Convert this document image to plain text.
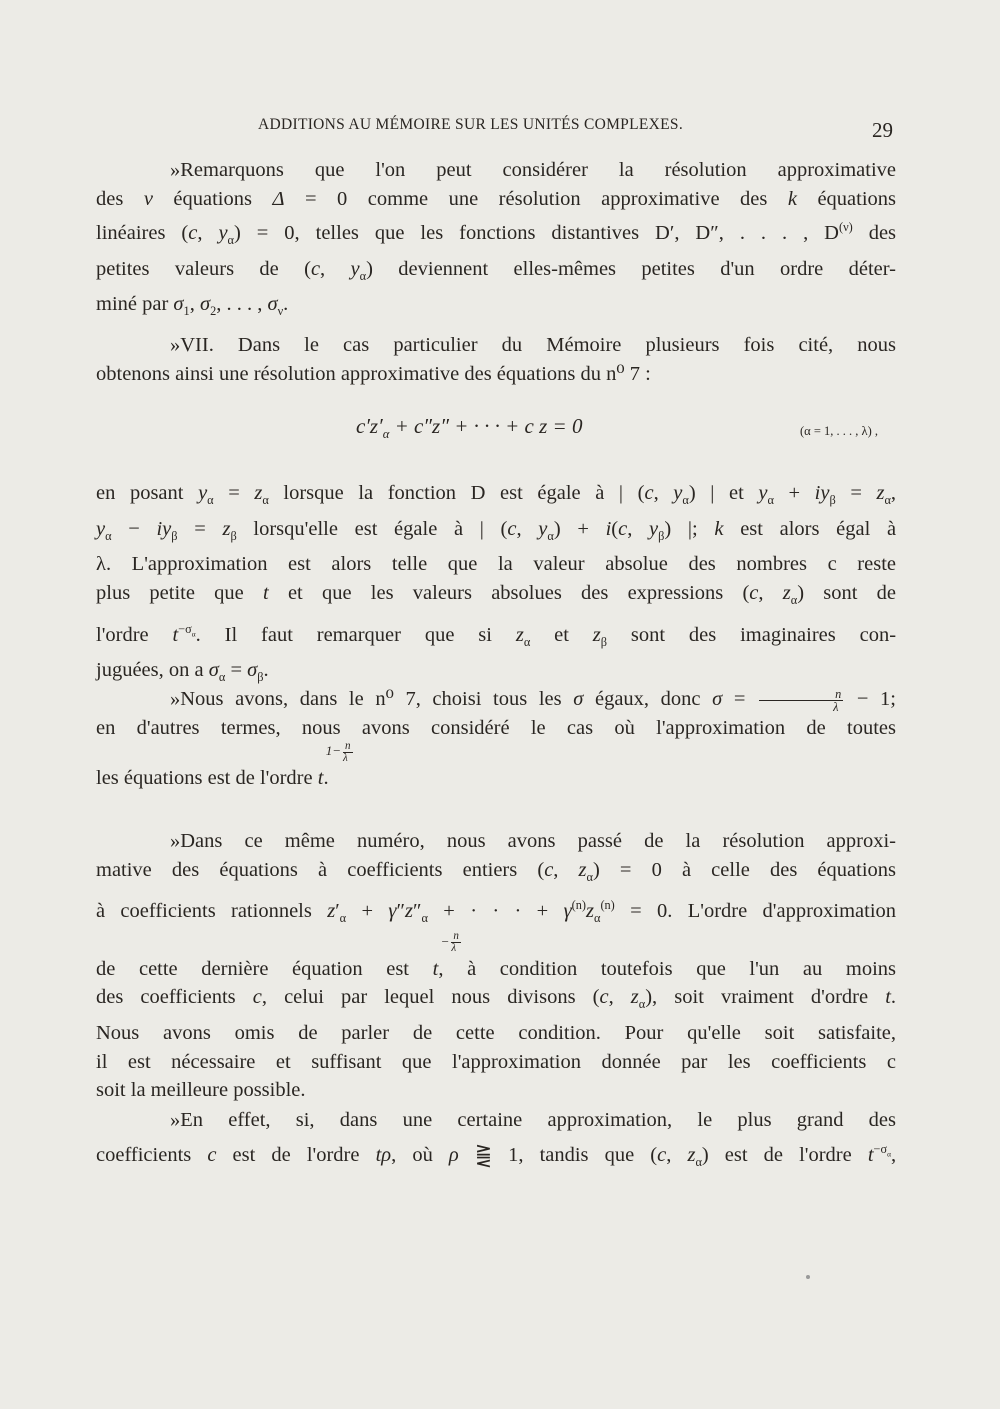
ADDITIONS AU MÉMOIRE SUR LES UNITÉS COMPLEXES.	29
»Remarquons que l'on peut considérer la résolution approximative
des v équations Δ = 0 comme une résolution approximative des k équations
linéaires (c, $y_\alpha) = 0$, telles que les fonctions distantives D′, D″, . . . , $D^{(\nu)}$ des
petites valeurs de (c, $y_\alpha$) deviennent elles-mêmes petites d'un ordre déter-
miné par $\sigma_1$, $\sigma_2$, . . . , $\sigma_\nu$.
»VII. Dans le cas particulier du Mémoire plusieurs fois cité, nous
obtenons ainsi une résolution approximative des équations du n⁰ 7 :
$c'z'_\alpha + c''z''$ + · · · + c z = 0	(α = 1, . . . , λ) ,
en posant $y_\alpha = z_\alpha$ lorsque la fonction D est égale à | (c, $y_\alpha$) | et $y_\alpha + iy_\beta = z_\alpha$,
$y_\alpha - iy_\beta = z_\beta$ lorsqu'elle est égale à | (c, $y_\alpha) + i(c$, $y_\beta$) |; k est alors égal à
λ. L'approximation est alors telle que la valeur absolue des nombres c reste
plus petite que t et que les valeurs absolues des expressions (c, $z_\alpha$) sont de
l'ordre $t^{-\sigma_\alpha}$. Il faut remarquer que si $z_\alpha$ et $z_\beta$ sont des imaginaires con-
juguées, on a $\sigma_\alpha = \sigma_\beta$.
»Nous avons, dans le n⁰ 7, choisi tous les σ égaux, donc $\sigma = \frac{n}{\lambda} - 1$;
en d'autres termes, nous avons considéré le cas où l'approximation de toutes
les équations est de l'ordre t
$1- \frac{n}{\lambda}$
.
»Dans ce même numéro, nous avons passé de la résolution approxi-
mative des équations à coefficients entiers (c, $z_\alpha) = 0$ à celle des équations
à coefficients rationnels $z'_\alpha + \gamma''z''_\alpha$ + · · · + $\gamma^{(n)}z_\alpha^{(n)} = 0$. L'ordre d'approximation
de cette dernière équation est t
− $\frac{n}{\lambda}$
, à condition toutefois que l'un au moins
des coefficients c, celui par lequel nous divisons (c, $z_\alpha$), soit vraiment d'ordre t.
Nous avons omis de parler de cette condition. Pour qu'elle soit satisfaite,
il est nécessaire et suffisant que l'approximation donnée par les coefficients c
soit la meilleure possible.
»En effet, si, dans une certaine approximation, le plus grand des
coefficients c est de l'ordre tρ, où ρ ⪌ 1, tandis que (c, $z_\alpha$) est de l'ordre $t^{-\sigma_\alpha}$,
